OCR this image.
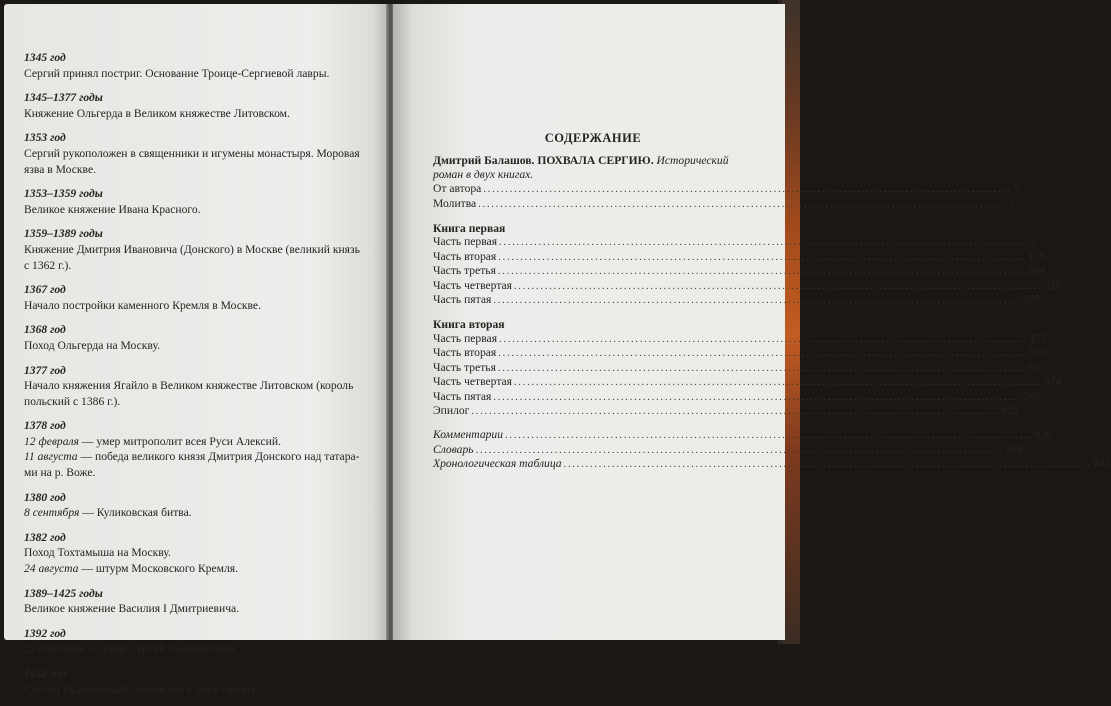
1345 год
Сергий принял постриг. Основание Троице-Сергиевой лавры.
1345–1377 годы
Княжение Ольгерда в Великом княжестве Литовском.
1353 год
Сергий рукоположен в священники и игумены монастыря. Моровая
язва в Москве.
1353–1359 годы
Великое княжение Ивана Красного.
1359–1389 годы
Княжение Дмитрия Ивановича (Донского) в Москве (великий князь
с 1362 г.).
1367 год
Начало постройки каменного Кремля в Москве.
1368 год
Поход Ольгерда на Москву.
1377 год
Начало княжения Ягайло в Великом княжестве Литовском (король
польский с 1386 г.).
1378 год
12 февраля — умер митрополит всея Руси Алексий.
11 августа — победа великого князя Дмитрия Донского над татара-
ми на р. Воже.
1380 год
8 сентября — Куликовская битва.
1382 год
Поход Тохтамыша на Москву.
24 августа — штурм Московского Кремля.
1389–1425 годы
Великое княжение Василия I Дмитриевича.
1392 год
25 сентября — умер Сергий Радонежский.
1452 год
Сергий Радонежский причислен к лику святых.
СОДЕРЖАНИЕ
Дмитрий Балашов. ПОХВАЛА СЕРГИЮ. Исторический роман в двух книгах.
От автора ........................................................................................................................ 5
Молитва ........................................................................................................................ 7
Книга первая
Часть первая ........................................................................................................................ 9
Часть вторая ........................................................................................................................ 126
Часть третья ........................................................................................................................ 204
Часть четвертая ........................................................................................................................ 320
Часть пятая ........................................................................................................................ 397
Книга вторая
Часть первая ........................................................................................................................ 475
Часть вторая ........................................................................................................................ 570
Часть третья ........................................................................................................................ 617
Часть четвертая ........................................................................................................................ 674
Часть пятая ........................................................................................................................ 760
Эпилог ........................................................................................................................ 822
Комментарии ........................................................................................................................ 826
Словарь ........................................................................................................................ 838
Хронологическая таблица ........................................................................................................................ 841
